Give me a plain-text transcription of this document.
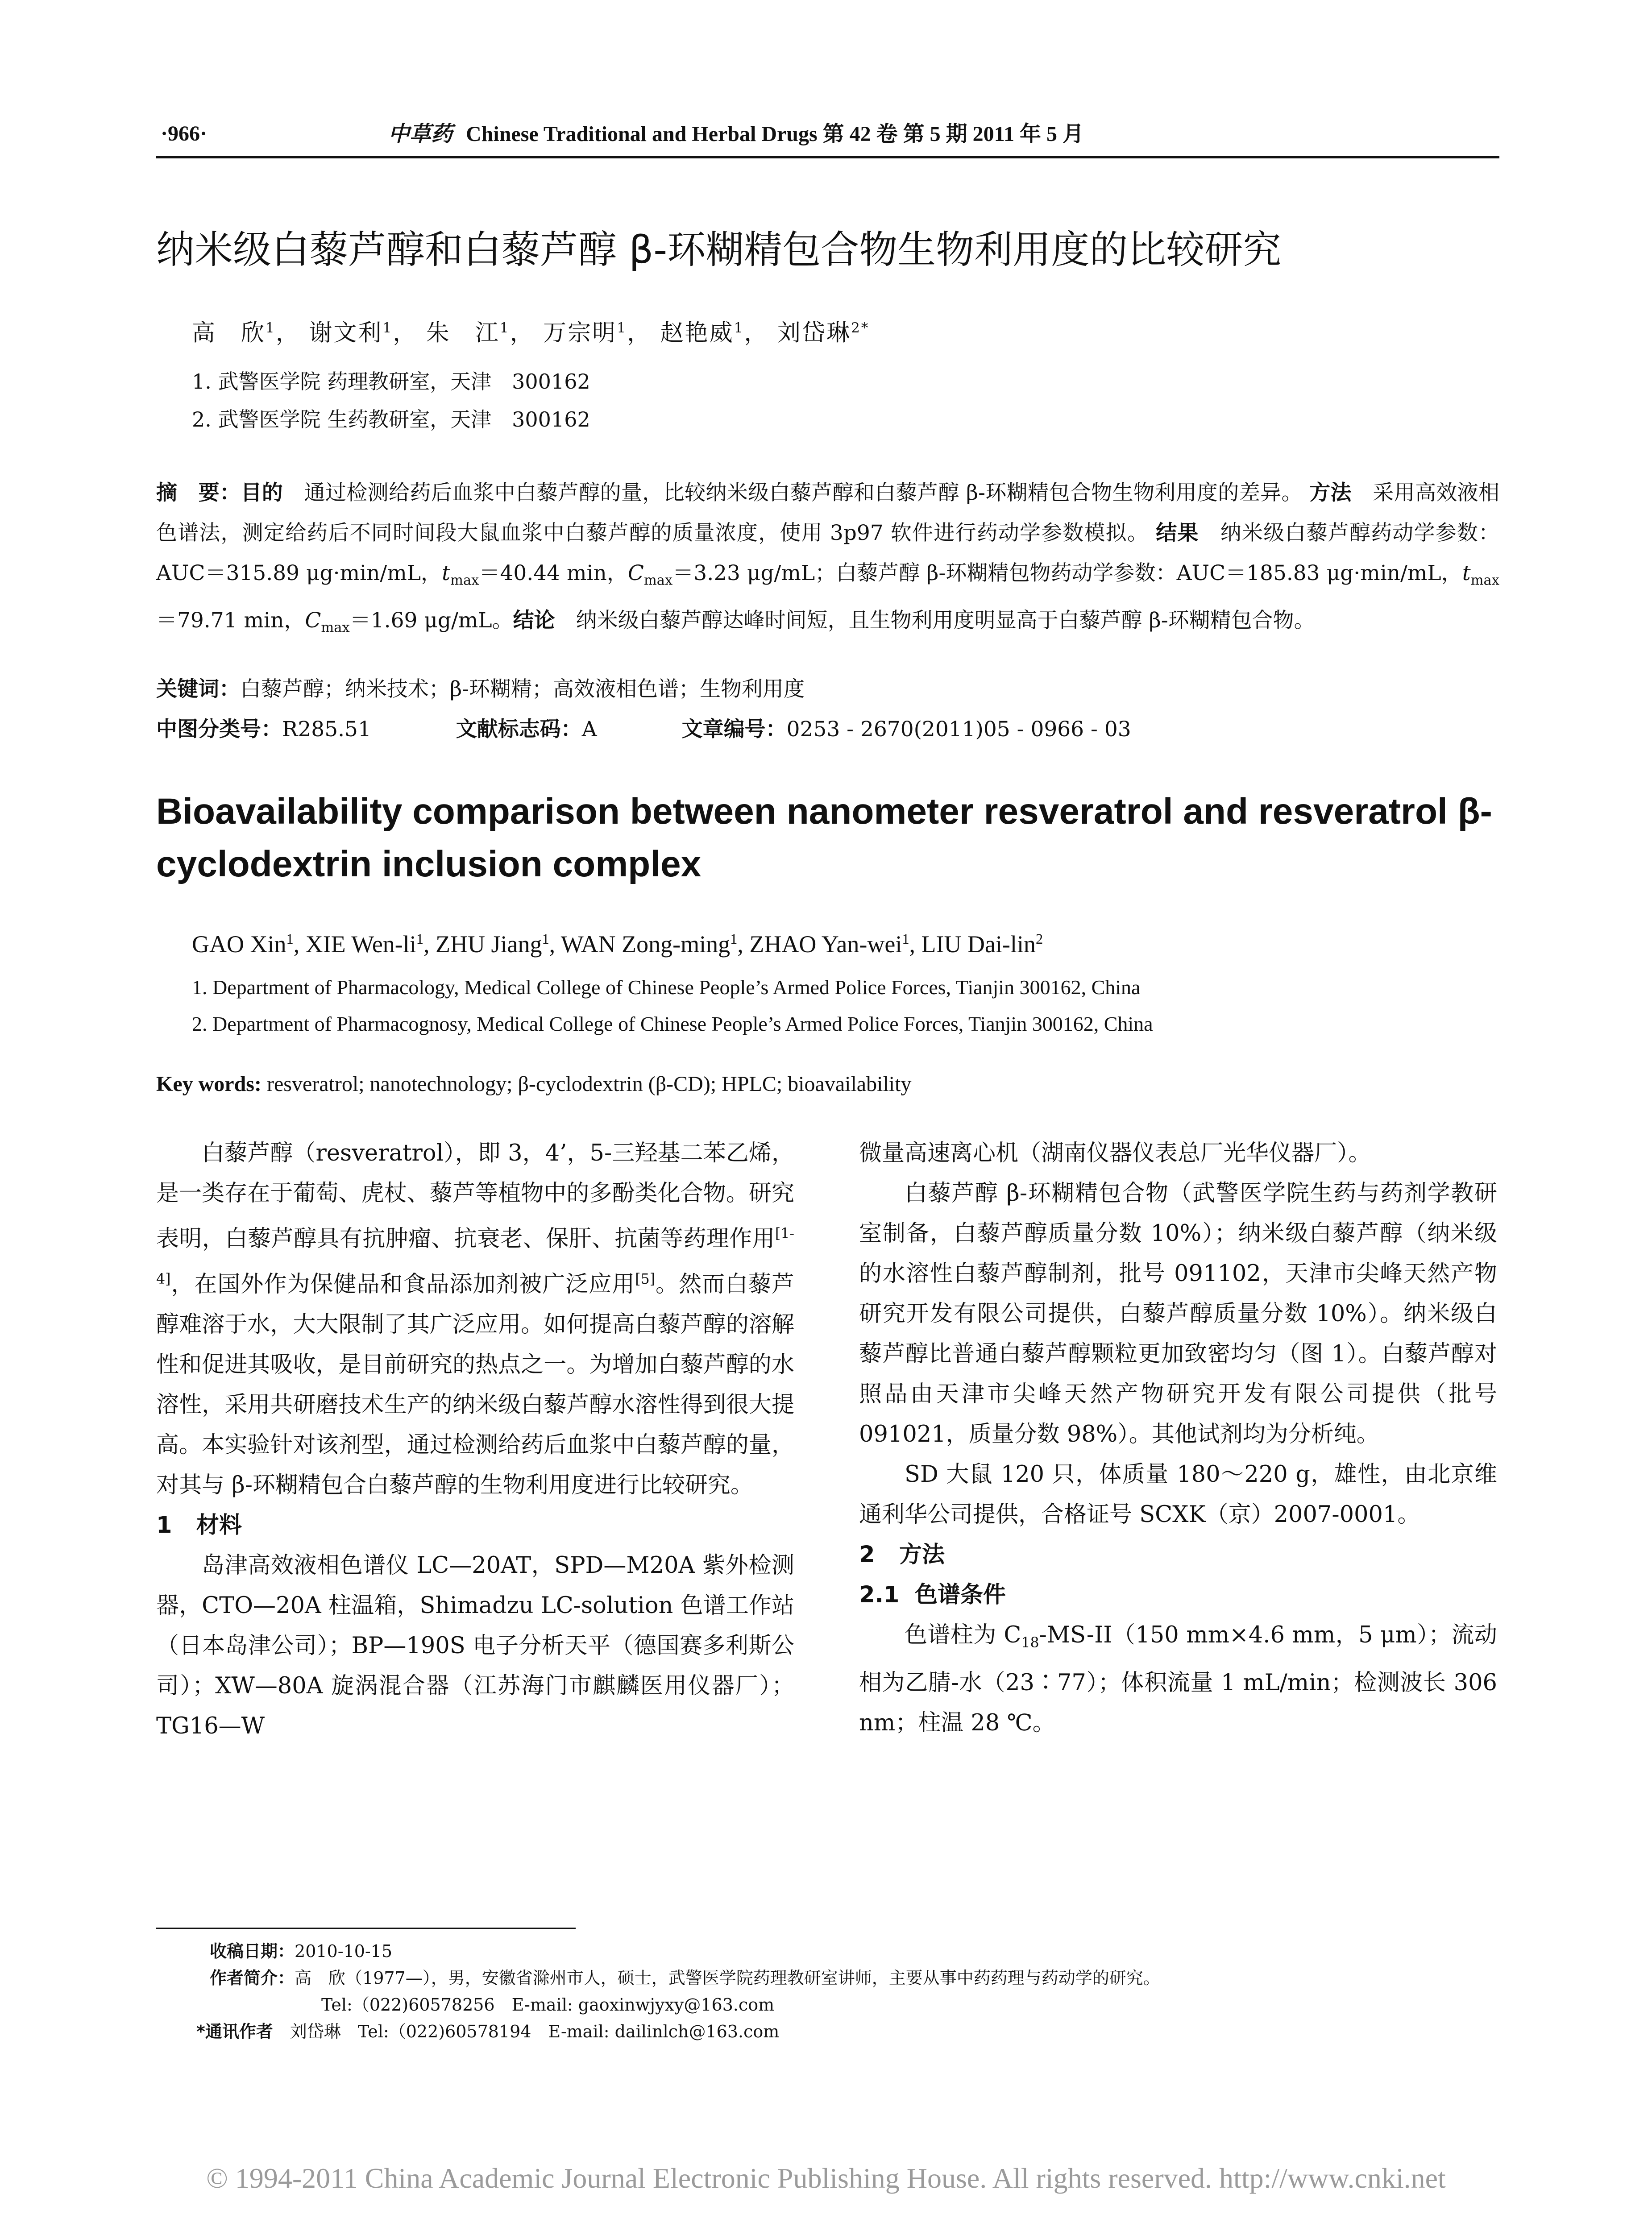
·966·	中草药 Chinese Traditional and Herbal Drugs 第 42 卷 第 5 期 2011 年 5 月
纳米级白藜芦醇和白藜芦醇 β-环糊精包合物生物利用度的比较研究
高　欣$^1$， 谢文利$^1$， 朱　江$^1$， 万宗明$^1$， 赵艳威$^1$， 刘岱琳$^{2*}$
1. 武警医学院 药理教研室，天津　300162
2. 武警医学院 生药教研室，天津　300162
摘　要：目的　通过检测给药后血浆中白藜芦醇的量，比较纳米级白藜芦醇和白藜芦醇 β-环糊精包合物生物利用度的差异。 方法　采用高效液相色谱法，测定给药后不同时间段大鼠血浆中白藜芦醇的质量浓度，使用 3p97 软件进行药动学参数模拟。 结果　纳米级白藜芦醇药动学参数：AUC＝315.89 μg·min/mL，$t_{max}=40.44$ min，$C_{max}=3.23$ μg/mL；白藜芦醇 β-环糊精包物药动学参数：AUC＝185.83 μg·min/mL，$t_{max}=79.71$ min，$C_{max}=1.69$ μg/mL。结论　纳米级白藜芦醇达峰时间短，且生物利用度明显高于白藜芦醇 β-环糊精包合物。
关键词：白藜芦醇；纳米技术；β-环糊精；高效液相色谱；生物利用度
中图分类号：R285.51	文献标志码：A	文章编号：0253 - 2670(2011)05 - 0966 - 03
Bioavailability comparison between nanometer resveratrol and resveratrol β-cyclodextrin inclusion complex
GAO Xin$^1$, XIE Wen-$li^1$, ZHU Jiang$^1$, WAN Zong-ming$^1$, ZHAO Yan-wei$^1$, LIU Dai-lin$^2$
1. Department of Pharmacology, Medical College of Chinese People’s Armed Police Forces, Tianjin 300162, China
2. Department of Pharmacognosy, Medical College of Chinese People’s Armed Police Forces, Tianjin 300162, China
Key words: resveratrol; nanotechnology; β-cyclodextrin (β-CD); HPLC; bioavailability

白藜芦醇（resveratrol），即 3，4’，5-三羟基二苯乙烯，是一类存在于葡萄、虎杖、藜芦等植物中的多酚类化合物。研究表明，白藜芦醇具有抗肿瘤、抗衰老、保肝、抗菌等药理作用[1-4]，在国外作为保健品和食品添加剂被广泛应用[5]。然而白藜芦醇难溶于水，大大限制了其广泛应用。如何提高白藜芦醇的溶解性和促进其吸收，是目前研究的热点之一。为增加白藜芦醇的水溶性，采用共研磨技术生产的纳米级白藜芦醇水溶性得到很大提高。本实验针对该剂型，通过检测给药后血浆中白藜芦醇的量，对其与 β-环糊精包合白藜芦醇的生物利用度进行比较研究。

1 材料

岛津高效液相色谱仪 LC—20AT，SPD—M20A 紫外检测器，CTO—20A 柱温箱，Shimadzu LC-solution 色谱工作站（日本岛津公司）；BP—190S 电子分析天平（德国赛多利斯公司）；XW—80A 旋涡混合器（江苏海门市麒麟医用仪器厂）；TG16—W

微量高速离心机（湖南仪器仪表总厂光华仪器厂）。

白藜芦醇 β-环糊精包合物（武警医学院生药与药剂学教研室制备，白藜芦醇质量分数 10%）；纳米级白藜芦醇（纳米级的水溶性白藜芦醇制剂，批号 091102，天津市尖峰天然产物研究开发有限公司提供，白藜芦醇质量分数 10%）。纳米级白藜芦醇比普通白藜芦醇颗粒更加致密均匀（图 1）。白藜芦醇对照品由天津市尖峰天然产物研究开发有限公司提供（批号 091021，质量分数 98%）。其他试剂均为分析纯。

SD 大鼠 120 只，体质量 180～220 g，雄性，由北京维通利华公司提供，合格证号 SCXK（京）2007-0001。

2 方法
2.1 色谱条件

色谱柱为 $C_{18}-MS-II(150$ mm×4.6 mm，5 μm）；流动相为乙腈-水（23∶77）；体积流量 1 mL/min；检测波长 306 nm；柱温 28 ℃。

收稿日期：2010-10-15
作者简介：高　欣（1977—），男，安徽省滁州市人，硕士，武警医学院药理教研室讲师，主要从事中药药理与药动学的研究。
Tel:（022)60578256　E-mail: gaoxinwjyxy@163.com
*通讯作者　刘岱琳　Tel:（022)60578194　E-mail: dailinlch@163.com
© 1994-2011 China Academic Journal Electronic Publishing House. All rights reserved. http://www.cnki.net
